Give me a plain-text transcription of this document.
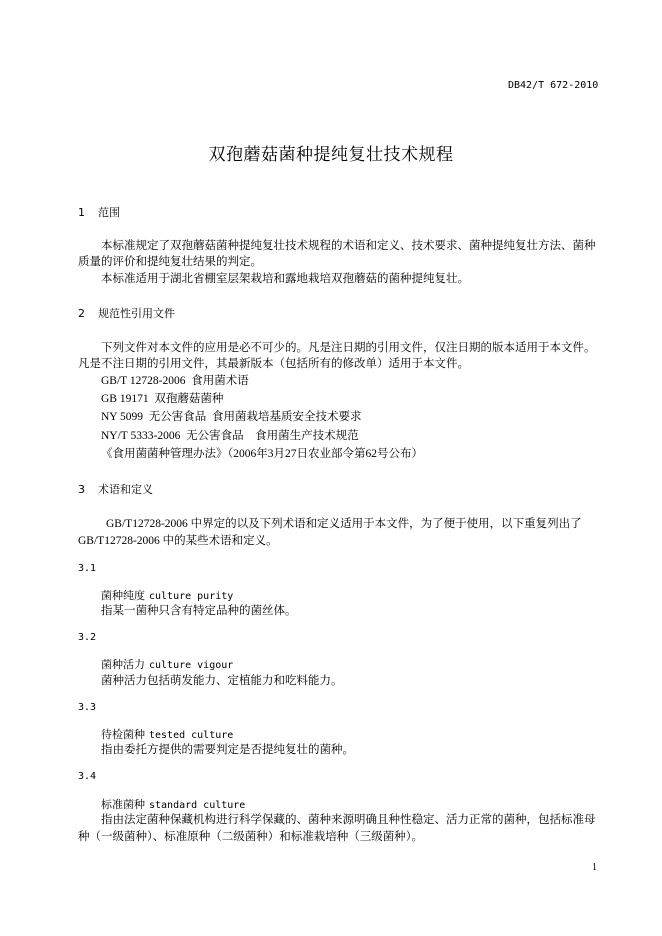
DB42/T 672-2010
双孢蘑菇菌种提纯复壮技术规程
1 范围
本标准规定了双孢蘑菇菌种提纯复壮技术规程的术语和定义、技术要求、菌种提纯复壮方法、菌种
质量的评价和提纯复壮结果的判定。
本标准适用于湖北省棚室层架栽培和露地栽培双孢蘑菇的菌种提纯复壮。
2 规范性引用文件
下列文件对本文件的应用是必不可少的。凡是注日期的引用文件，仅注日期的版本适用于本文件。
凡是不注日期的引用文件，其最新版本（包括所有的修改单）适用于本文件。
GB/T 12728-2006  食用菌术语
GB 19171  双孢蘑菇菌种
NY 5099  无公害食品  食用菌栽培基质安全技术要求
NY/T 5333-2006  无公害食品    食用菌生产技术规范
《食用菌菌种管理办法》（2006年3月27日农业部令第62号公布）
3 术语和定义
GB/T12728-2006 中界定的以及下列术语和定义适用于本文件，为了便于使用，以下重复列出了
GB/T12728-2006 中的某些术语和定义。
3.1
菌种纯度 culture purity
指某一菌种只含有特定品种的菌丝体。
3.2
菌种活力 culture vigour
菌种活力包括萌发能力、定植能力和吃料能力。
3.3
待检菌种 tested culture
指由委托方提供的需要判定是否提纯复壮的菌种。
3.4
标准菌种 standard culture
指由法定菌种保藏机构进行科学保藏的、菌种来源明确且种性稳定、活力正常的菌种，包括标准母
种（一级菌种）、标准原种（二级菌种）和标准栽培种（三级菌种）。
1
